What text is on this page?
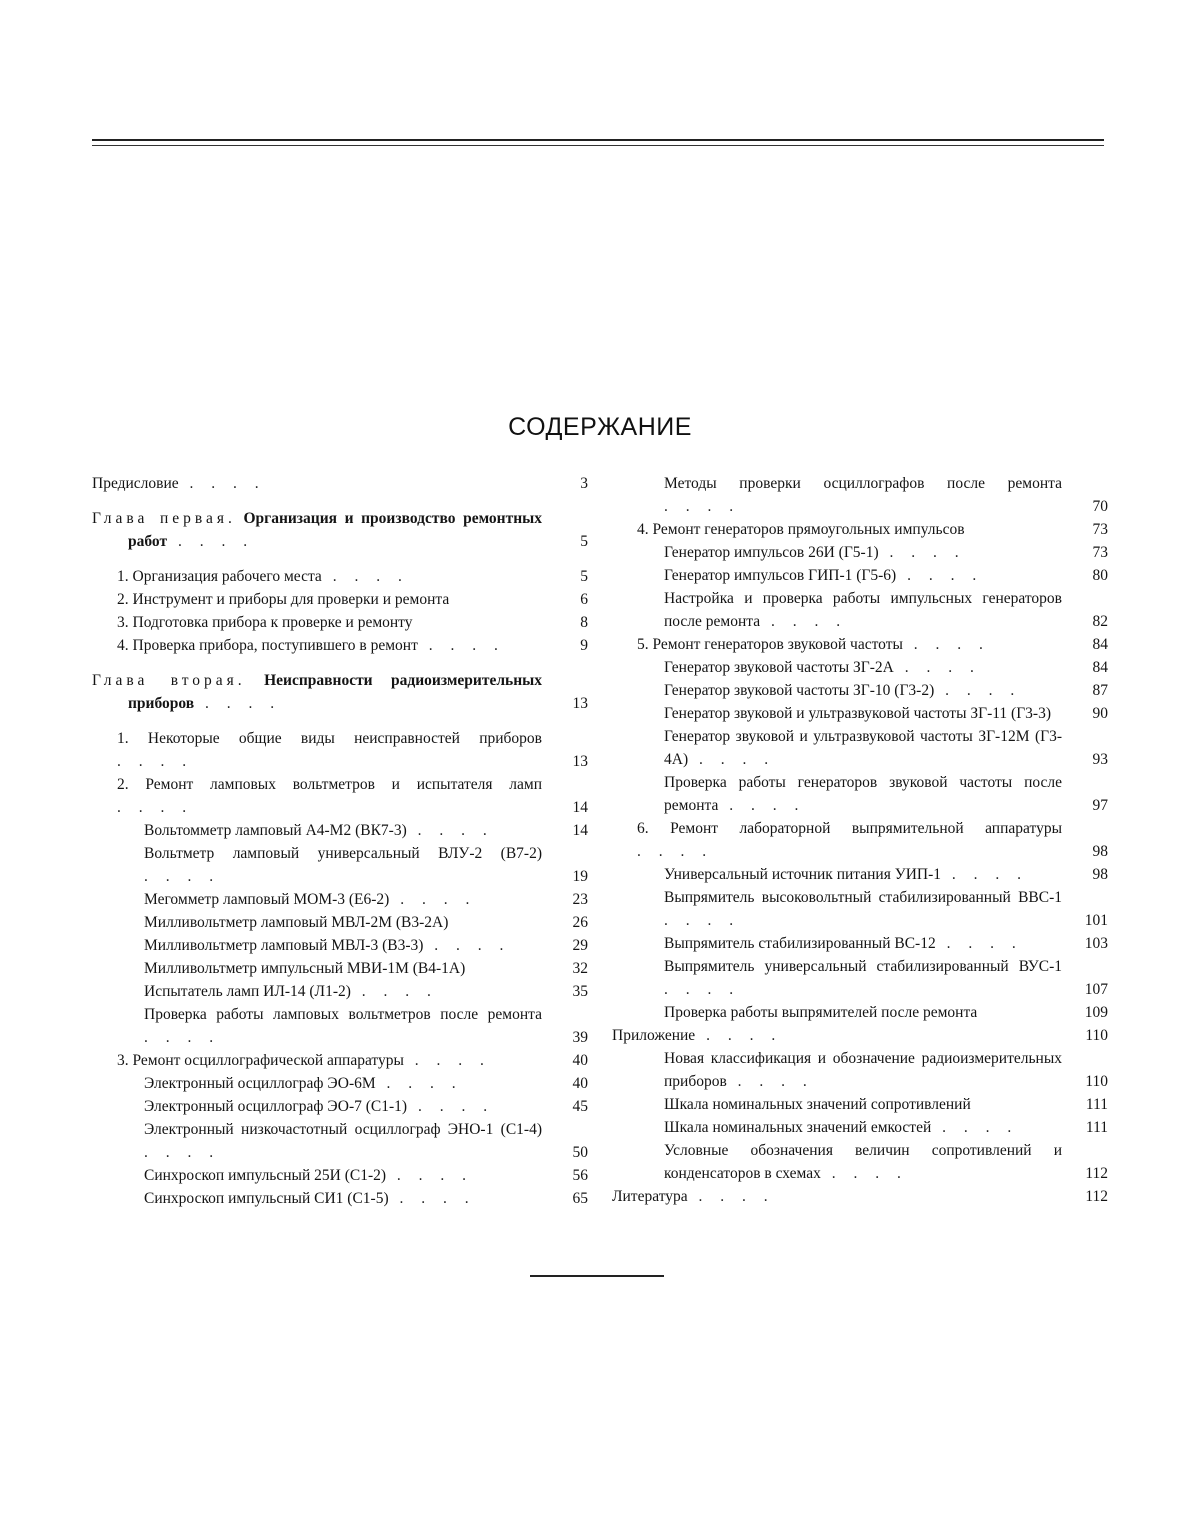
СОДЕРЖАНИЕ
Предисловие . . . .	3
Глава первая. Организация и производство ремонтных работ . . . .	5
1. Организация рабочего места . . . .	5
2. Инструмент и приборы для проверки и ремонта	6
3. Подготовка прибора к проверке и ремонту	8
4. Проверка прибора, поступившего в ремонт . . . .	9
Глава вторая. Неисправности радиоизмерительных приборов . . . .	13
1. Некоторые общие виды неисправностей приборов . . . .	13
2. Ремонт ламповых вольтметров и испытателя ламп . . . .	14
Вольтомметр ламповый А4-М2 (ВК7-3) . . . .	14
Вольтметр ламповый универсальный ВЛУ-2 (В7-2) . . . .	19
Мегомметр ламповый МОМ-3 (Е6-2) . . . .	23
Милливольтметр ламповый МВЛ-2М (В3-2А)	26
Милливольтметр ламповый МВЛ-3 (В3-3) . . . .	29
Милливольтметр импульсный МВИ-1М (В4-1А)	32
Испытатель ламп ИЛ-14 (Л1-2) . . . .	35
Проверка работы ламповых вольтметров после ремонта . . . .	39
3. Ремонт осциллографической аппаратуры . . . .	40
Электронный осциллограф ЭО-6М . . . .	40
Электронный осциллограф ЭО-7 (С1-1) . . . .	45
Электронный низкочастотный осциллограф ЭНО-1 (С1-4) . . . .	50
Синхроскоп импульсный 25И (С1-2) . . . .	56
Синхроскоп импульсный СИ1 (С1-5) . . . .	65
Методы проверки осциллографов после ремонта . . . .	70
4. Ремонт генераторов прямоугольных импульсов	73
Генератор импульсов 26И (Г5-1) . . . .	73
Генератор импульсов ГИП-1 (Г5-6) . . . .	80
Настройка и проверка работы импульсных генераторов после ремонта . . . .	82
5. Ремонт генераторов звуковой частоты . . . .	84
Генератор звуковой частоты ЗГ-2А . . . .	84
Генератор звуковой частоты ЗГ-10 (Г3-2) . . . .	87
Генератор звуковой и ультразвуковой частоты ЗГ-11 (Г3-3)	90
Генератор звуковой и ультразвуковой частоты ЗГ-12М (Г3-4А) . . . .	93
Проверка работы генераторов звуковой частоты после ремонта . . . .	97
6. Ремонт лабораторной выпрямительной аппаратуры . . . .	98
Универсальный источник питания УИП-1 . . . .	98
Выпрямитель высоковольтный стабилизированный ВВС-1 . . . .	101
Выпрямитель стабилизированный ВС-12 . . . .	103
Выпрямитель универсальный стабилизированный ВУС-1 . . . .	107
Проверка работы выпрямителей после ремонта	109
Приложение . . . .	110
Новая классификация и обозначение радиоизмерительных приборов . . . .	110
Шкала номинальных значений сопротивлений	111
Шкала номинальных значений емкостей . . . .	111
Условные обозначения величин сопротивлений и конденсаторов в схемах . . . .	112
Литература . . . .	112
